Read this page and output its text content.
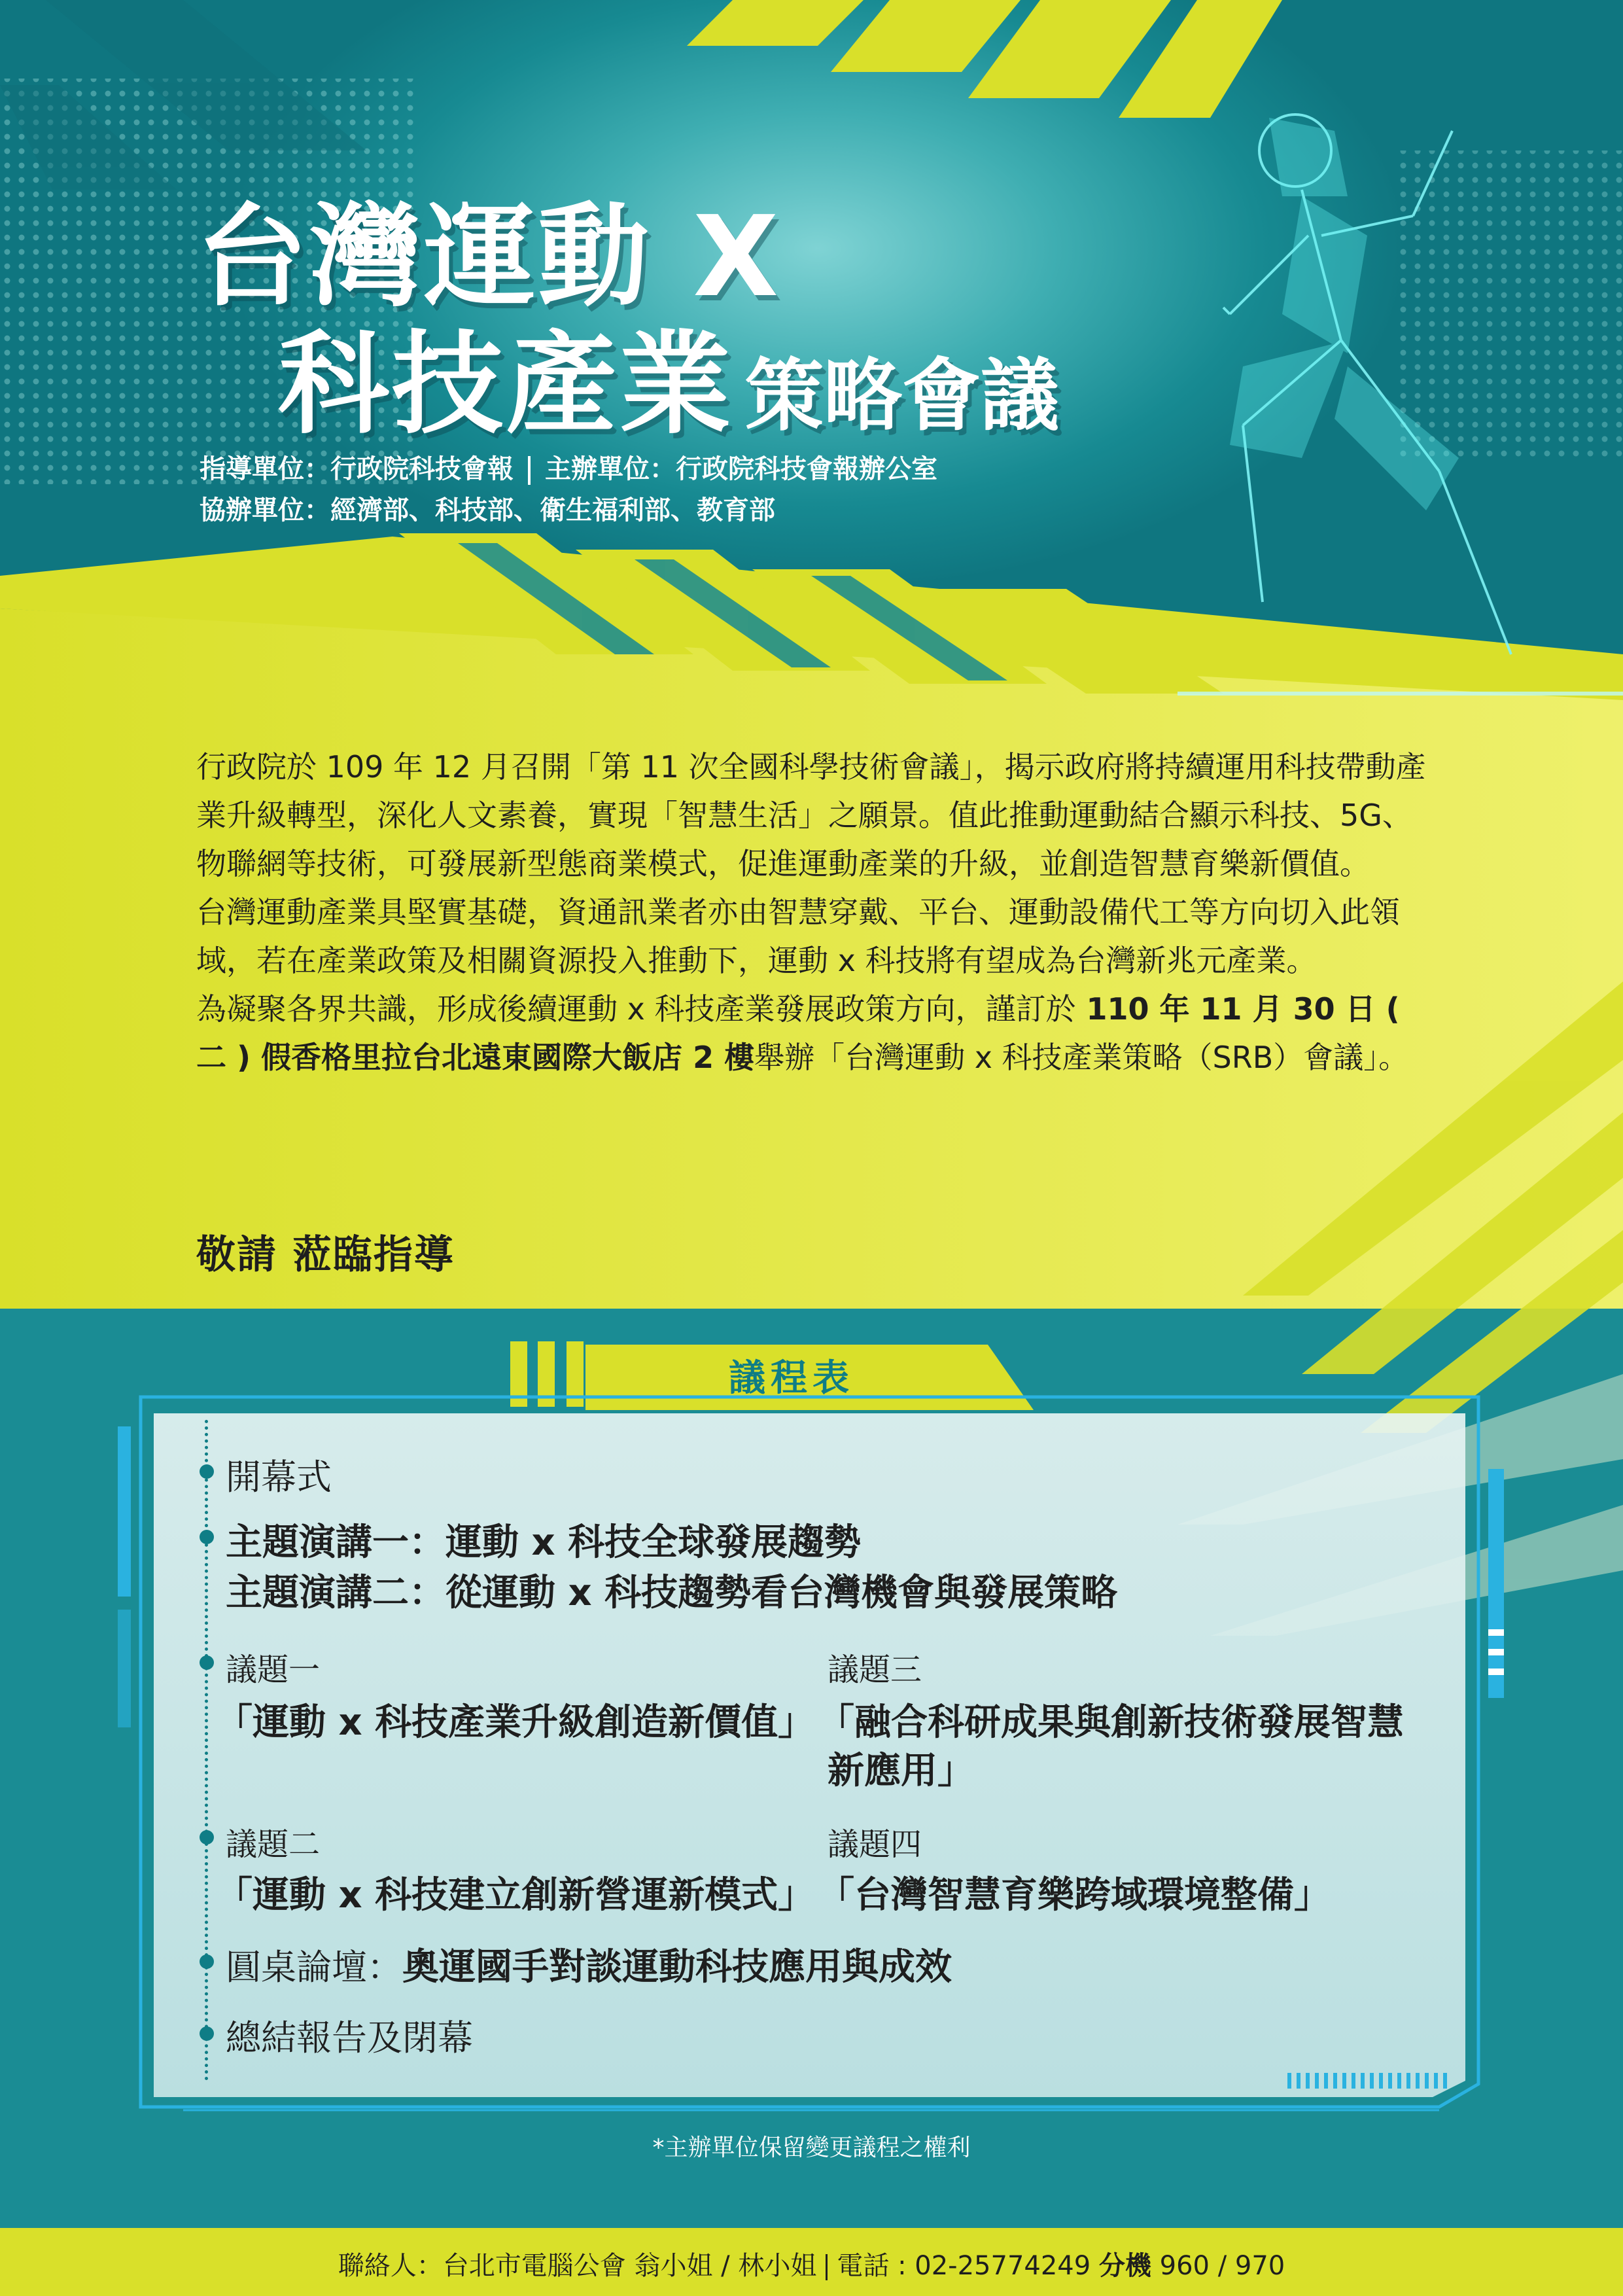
台灣運動 X
科技產業 策略會議
指導單位：行政院科技會報 主辦單位：行政院科技會報辦公室
協辦單位：經濟部、科技部、衛生福利部、教育部

行政院於 109 年 12 月召開「第 11 次全國科學技術會議」，揭示政府將持續運用科技帶動產業升級轉型，深化人文素養，實現「智慧生活」之願景。值此推動運動結合顯示科技、5G、物聯網等技術，可發展新型態商業模式，促進運動產業的升級，並創造智慧育樂新價值。

台灣運動產業具堅實基礎，資通訊業者亦由智慧穿戴、平台、運動設備代工等方向切入此領域，若在產業政策及相關資源投入推動下，運動 x 科技將有望成為台灣新兆元產業。

為凝聚各界共識，形成後續運動 x 科技產業發展政策方向，謹訂於 110 年 11 月 30 日 ( 二 ) 假香格里拉台北遠東國際大飯店 2 樓舉辦「台灣運動 x 科技產業策略（SRB）會議」。

敬請 蒞臨指導
議程表
開幕式
主題演講一：運動 x 科技全球發展趨勢
主題演講二：從運動 x 科技趨勢看台灣機會與發展策略
議題一
「運動 x 科技產業升級創造新價值」
議題三
「融合科研成果與創新技術發展智慧
新應用」
議題二
「運動 x 科技建立創新營運新模式」
議題四
「台灣智慧育樂跨域環境整備」
圓桌論壇：奧運國手對談運動科技應用與成效
總結報告及閉幕
*主辦單位保留變更議程之權利
聯絡人：台北市電腦公會 翁小姐 / 林小姐 電話 : 02-25774249 分機 960 / 970
